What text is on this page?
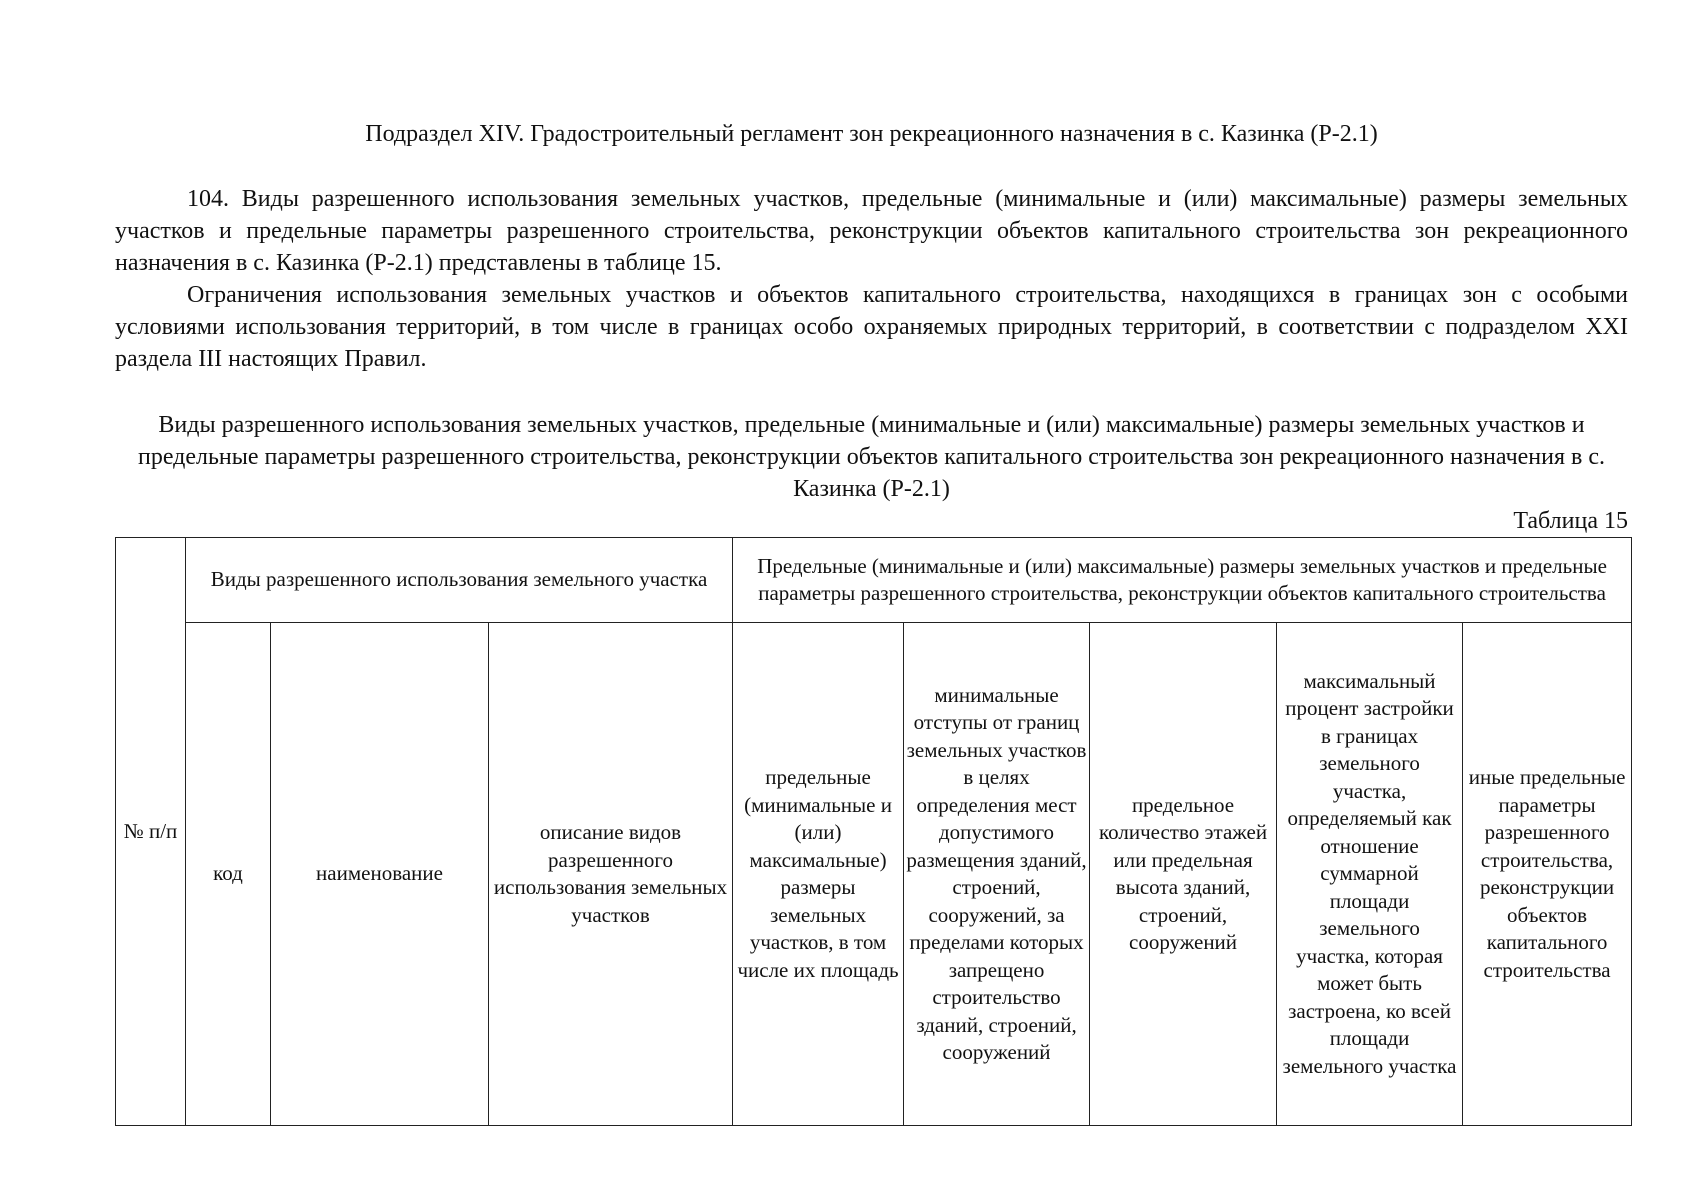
Подраздел XIV. Градостроительный регламент зон рекреационного назначения в с. Казинка (Р-2.1)

104. Виды разрешенного использования земельных участков, предельные (минимальные и (или) максимальные) размеры земельных участков и предельные параметры разрешенного строительства, реконструкции объектов капитального строительства зон рекреационного назначения в с. Казинка (Р-2.1) представлены в таблице 15.

Ограничения использования земельных участков и объектов капитального строительства, находящихся в границах зон с особыми условиями использования территорий, в том числе в границах особо охраняемых природных территорий, в соответствии с подразделом XXI раздела III настоящих Правил.

Виды разрешенного использования земельных участков, предельные (минимальные и (или) максимальные) размеры земельных участков и предельные параметры разрешенного строительства, реконструкции объектов капитального строительства зон рекреационного назначения в с. Казинка (Р-2.1)
Таблица 15
№ п/п	Виды разрешенного использования земельного участка			Предельные (минимальные и (или) максимальные) размеры земельных участков и предельные параметры разрешенного строительства, реконструкции объектов капитального строительства				
	код	наименование	описание видов разрешенного использования земельных участков	предельные (минимальные и (или) максимальные) размеры земельных участков, в том числе их площадь	минимальные отступы от границ земельных участков в целях определения мест допустимого размещения зданий, строений, сооружений, за пределами которых запрещено строительство зданий, строений, сооружений	предельное количество этажей или предельная высота зданий, строений, сооружений	максимальный процент застройки в границах земельного участка, определяемый как отношение суммарной площади земельного участка, которая может быть застроена, ко всей площади земельного участка	иные предельные параметры разрешенного строительства, реконструкции объектов капитального строительства
